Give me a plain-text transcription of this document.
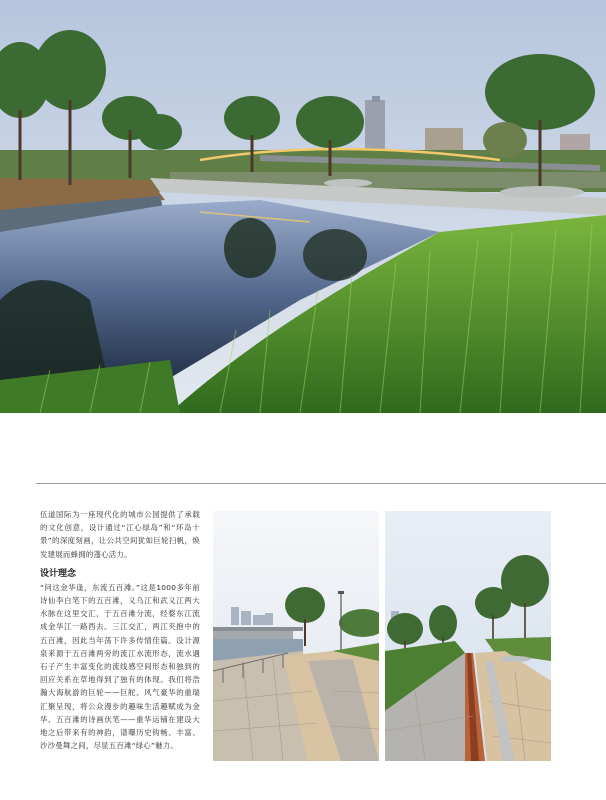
伍道国际为一座现代化的城市公园提供了承载的文化创意，设计通过“江心绿岛”和“环岛十景”的深度刻画，让公共空间犹如巨轮扫帆，焕发建展而蜂拥的蓬心活力。

设计理念

“问这金华逢，东流五百滩。”这是1000多年前诗仙李白笔下的五百滩，义乌江和武义江两大水脉在这里交汇，于五百滩分流，经婺东江流成金华江一路西去。三江交汇，两江夹抱中的五百滩，因此当年荡下许多传情佳篇。设计源泉来源于五百滩两旁的流江水流形态，流水遇石子产生丰富变化的流线感空间形态和独到的回应关系在草地得到了独有的体现。我们将浩瀚大海航游的巨轮——巨舵、风气豪华的重瑞汇聚呈现，将公众漫步的趣味生活趣赋成为金华、五百滩的诗画伏笔——重华运铺在建设大地之后带来有的神韵，谱曝历史钩畅、丰富、沙沙曼舞之间，尽显五百滩“绿心”魅力。
